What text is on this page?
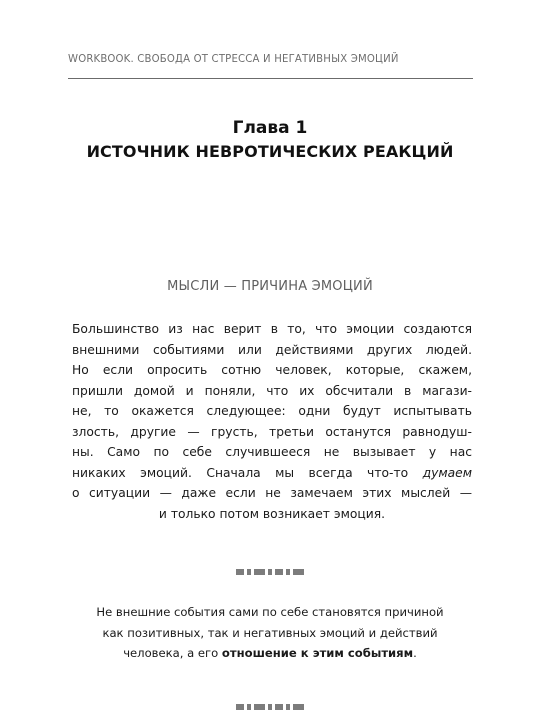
WORKBOOK. СВОБОДА ОТ СТРЕССА И НЕГАТИВНЫХ ЭМОЦИЙ
Глава 1
ИСТОЧНИК НЕВРОТИЧЕСКИХ РЕАКЦИЙ
МЫСЛИ — ПРИЧИНА ЭМОЦИЙ
Большинство из нас верит в то, что эмоции создаются
внешними событиями или действиями других людей.
Но если опросить сотню человек, которые, скажем,
пришли домой и поняли, что их обсчитали в магази-
не, то окажется следующее: одни будут испытывать
злость, другие — грусть, третьи останутся равнодуш-
ны. Само по себе случившееся не вызывает у нас
никаких эмоций. Сначала мы всегда что-то думаем
о ситуации — даже если не замечаем этих мыслей —
и только потом возникает эмоция.
Не внешние события сами по себе становятся причиной
как позитивных, так и негативных эмоций и действий
человека, а его отношение к этим событиям.
